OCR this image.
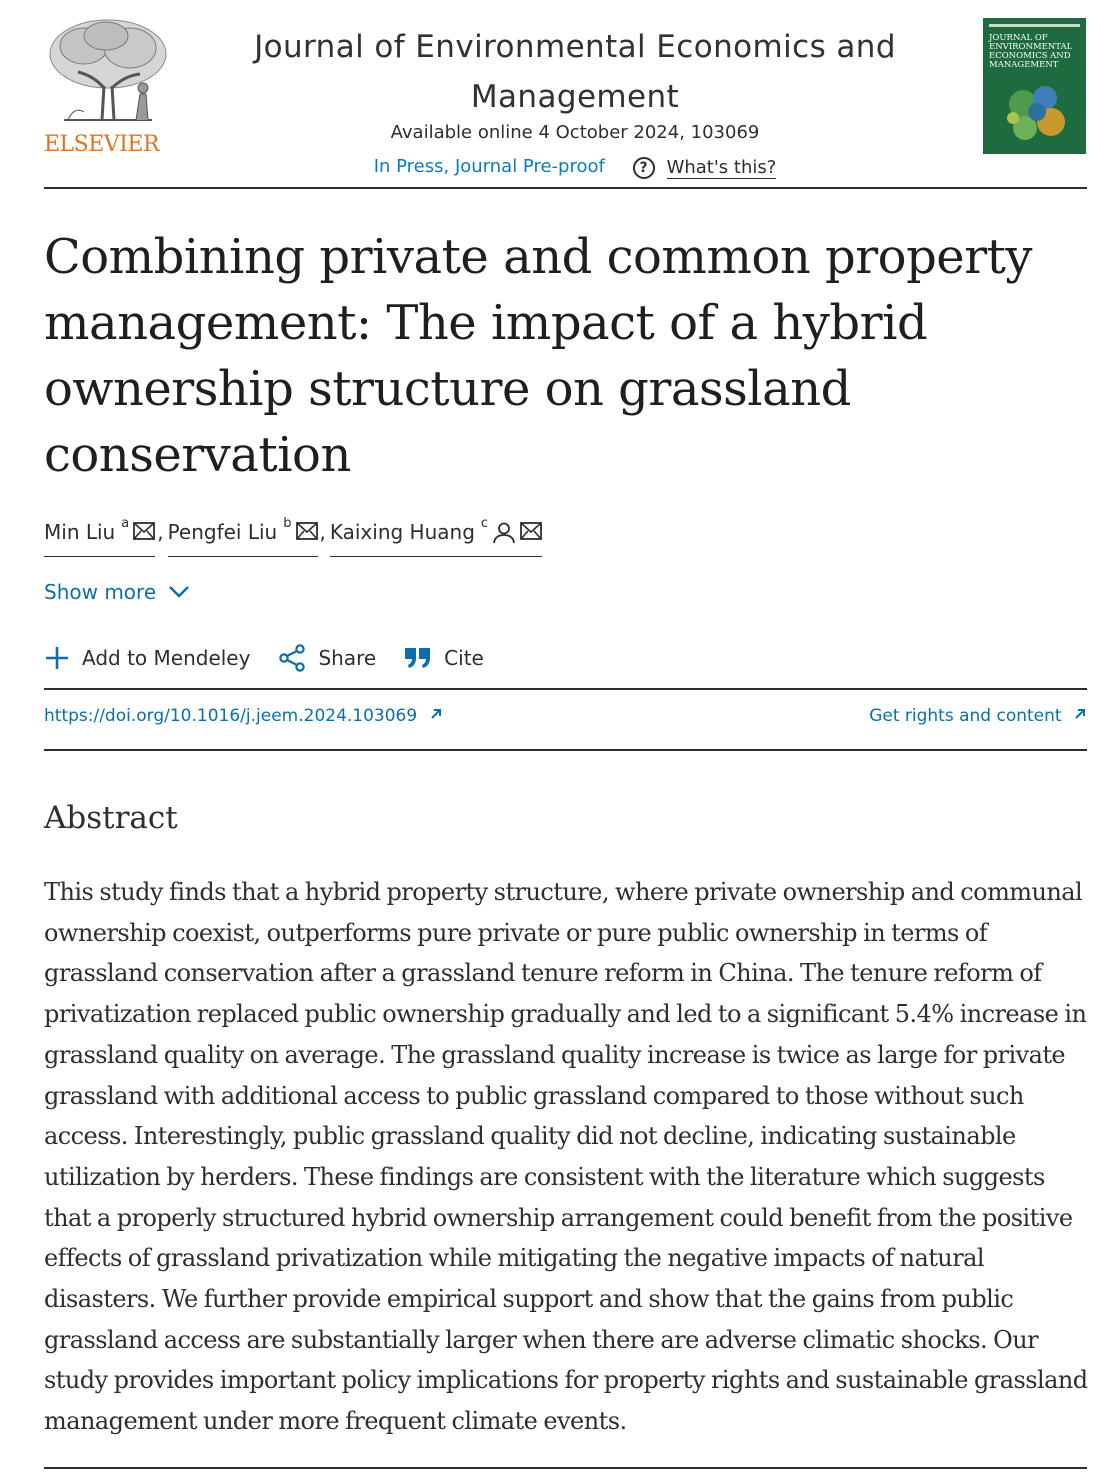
ELSEVIER
Journal of Environmental Economics and Management
Available online 4 October 2024, 103069
In Press, Journal Pre-proof	?	What's this?
JOURNAL OF ENVIRONMENTAL ECONOMICS AND MANAGEMENT
Combining private and common property management: The impact of a hybrid ownership structure on grassland conservation
Min Liu $^a$ , Pengfei Liu $^b$ , Kaixing Huang $^c$
Show more
Add to Mendeley	Share	Cite
https://doi.org/10.1016/j.jeem.2024.103069	Get rights and content
Abstract

This study finds that a hybrid property structure, where private ownership and communal ownership coexist, outperforms pure private or pure public ownership in terms of grassland conservation after a grassland tenure reform in China. The tenure reform of privatization replaced public ownership gradually and led to a significant 5.4% increase in grassland quality on average. The grassland quality increase is twice as large for private grassland with additional access to public grassland compared to those without such access. Interestingly, public grassland quality did not decline, indicating sustainable utilization by herders. These findings are consistent with the literature which suggests that a properly structured hybrid ownership arrangement could benefit from the positive effects of grassland privatization while mitigating the negative impacts of natural disasters. We further provide empirical support and show that the gains from public grassland access are substantially larger when there are adverse climatic shocks. Our study provides important policy implications for property rights and sustainable grassland management under more frequent climate events.
